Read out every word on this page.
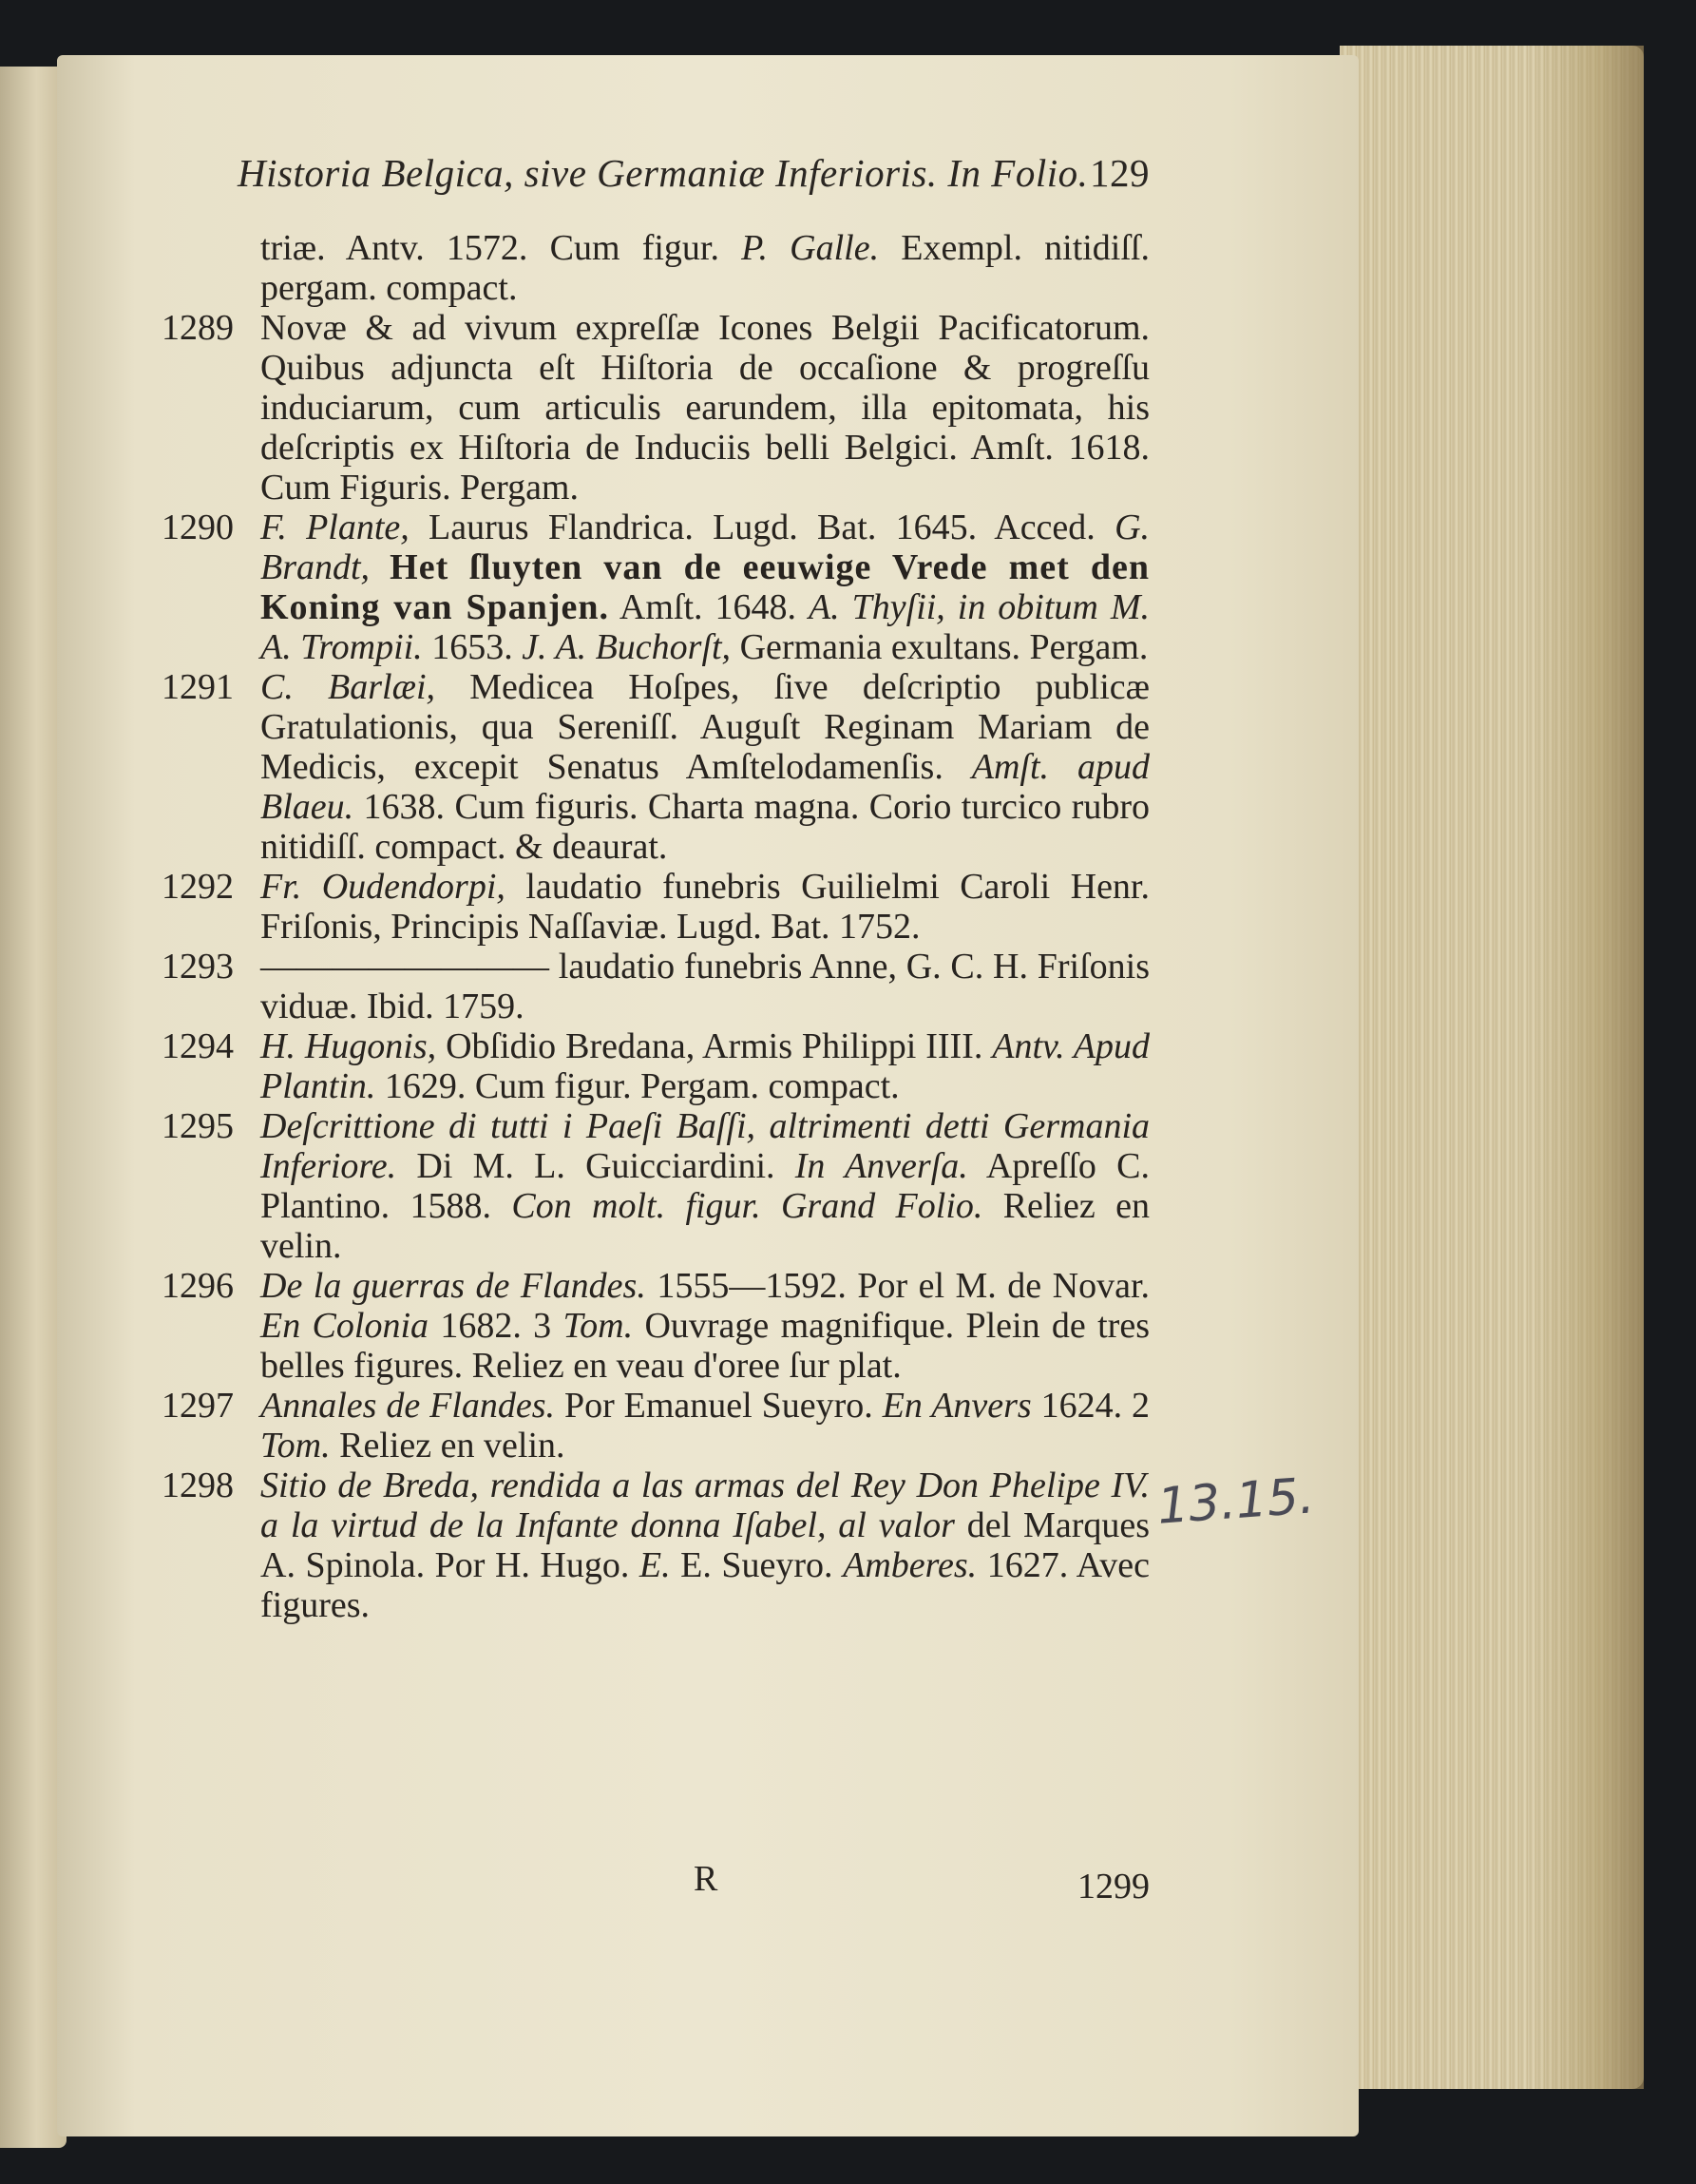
Historia Belgica, sive Germaniæ Inferioris. In Folio. 129
triæ. Antv. 1572. Cum figur. P. Galle. Exempl. nitidiſſ. pergam. compact.
1289 Novæ & ad vivum expreſſæ Icones Belgii Pacificatorum. Quibus adjuncta eſt Hiſtoria de occaſione & progreſſu induciarum, cum articulis earundem, illa epitomata, his deſcriptis ex Hiſtoria de Induciis belli Belgici. Amſt. 1618. Cum Figuris. Pergam.
1290 F. Plante, Laurus Flandrica. Lugd. Bat. 1645. Acced. G. Brandt, Het ſluyten van de eeuwige Vrede met den Koning van Spanjen. Amſt. 1648. A. Thyſii, in obitum M. A. Trompii. 1653. J. A. Buchorſt, Germania exultans. Pergam.
1291 C. Barlæi, Medicea Hoſpes, ſive deſcriptio publicæ Gratulationis, qua Sereniſſ. Auguſt Reginam Mariam de Medicis, excepit Senatus Amſtelodamenſis. Amſt. apud Blaeu. 1638. Cum figuris. Charta magna. Corio turcico rubro nitidiſſ. compact. & deaurat.
1292 Fr. Oudendorpi, laudatio funebris Guilielmi Caroli Henr. Friſonis, Principis Naſſaviæ. Lugd. Bat. 1752.
1293 ———————— laudatio funebris Anne, G. C. H. Friſonis viduæ. Ibid. 1759.
1294 H. Hugonis, Obſidio Bredana, Armis Philippi IIII. Antv. Apud Plantin. 1629. Cum figur. Pergam. compact.
1295 Deſcrittione di tutti i Paeſi Baſſi, altrimenti detti Germania Inferiore. Di M. L. Guicciardini. In Anverſa. Apreſſo C. Plantino. 1588. Con molt. figur. Grand Folio. Reliez en velin.
1296 De la guerras de Flandes. 1555—1592. Por el M. de Novar. En Colonia 1682. 3 Tom. Ouvrage magnifique. Plein de tres belles figures. Reliez en veau d'oree ſur plat.
1297 Annales de Flandes. Por Emanuel Sueyro. En Anvers 1624. 2 Tom. Reliez en velin.
1298 Sitio de Breda, rendida a las armas del Rey Don Phelipe IV. a la virtud de la Infante donna Iſabel, al valor del Marques A. Spinola. Por H. Hugo. E. E. Sueyro. Amberes. 1627. Avec figures.
R	1299
13.15.
